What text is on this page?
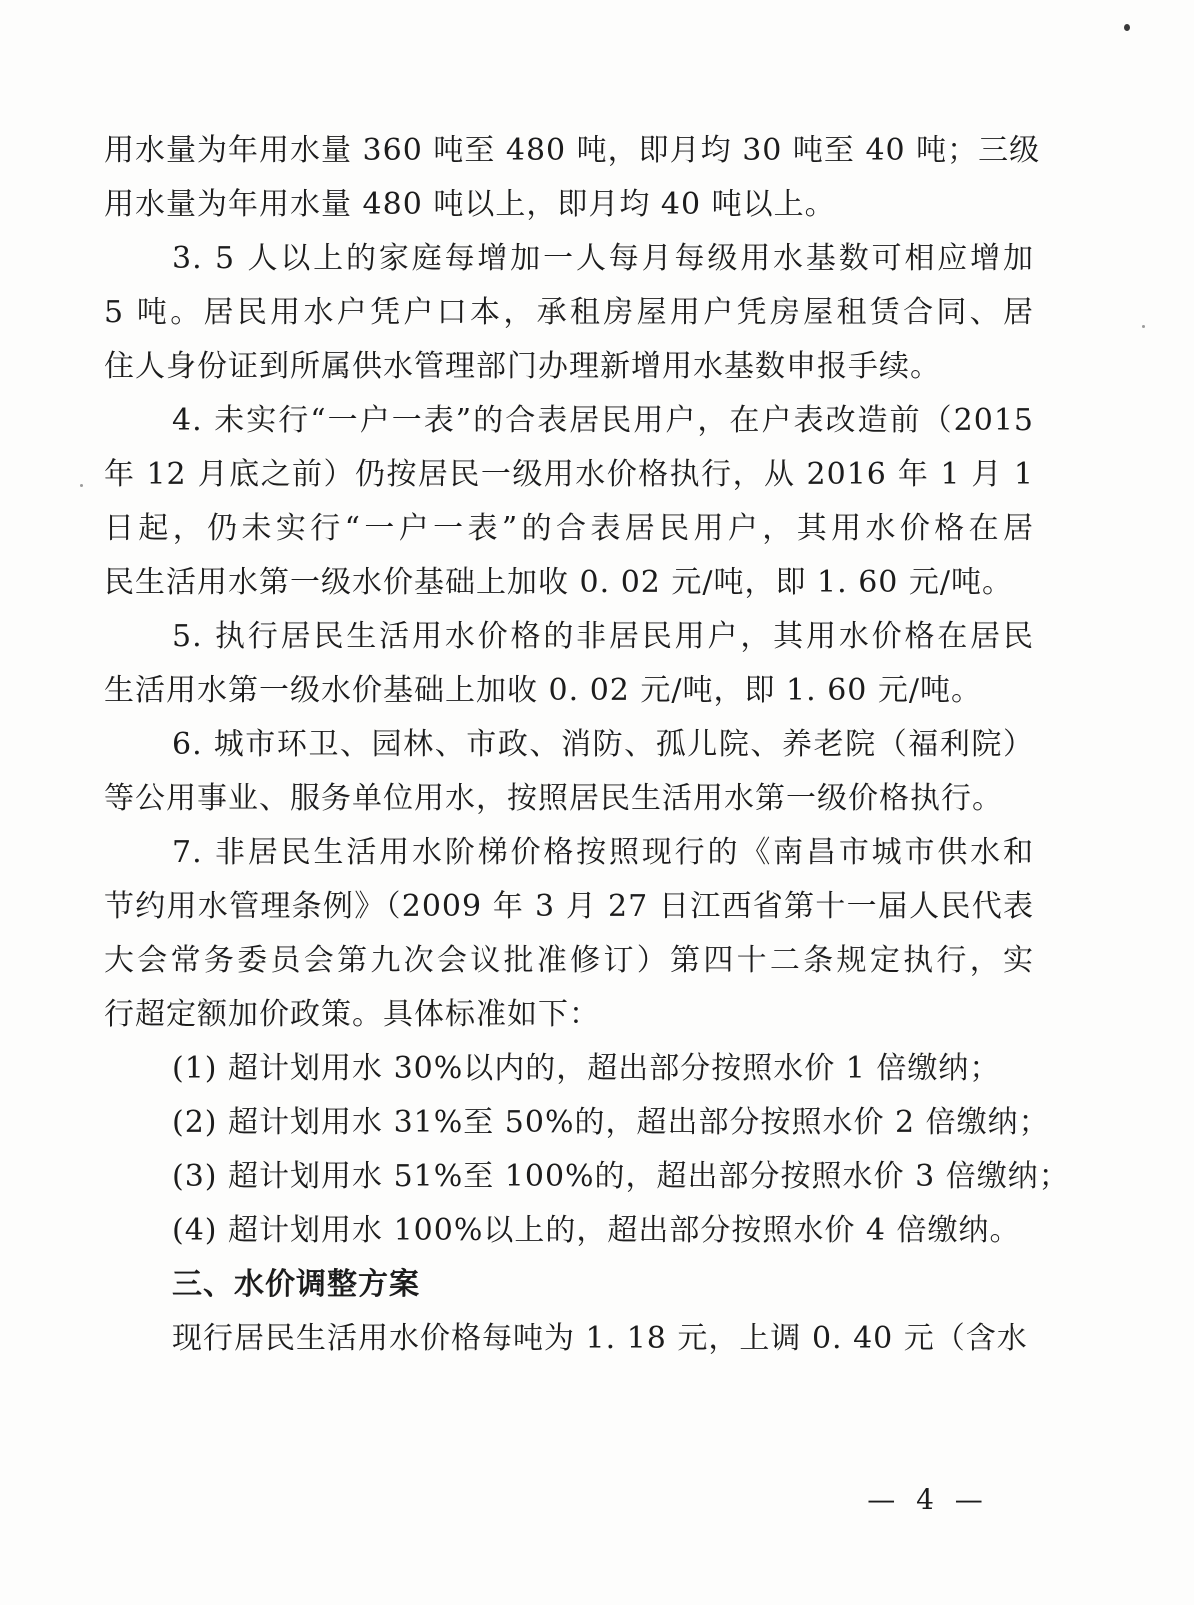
用水量为年用水量 360 吨至 480 吨，即月均 30 吨至 40 吨；三级
用水量为年用水量 480 吨以上，即月均 40 吨以上。
3. 5 人以上的家庭每增加一人每月每级用水基数可相应增加
5 吨。居民用水户凭户口本，承租房屋用户凭房屋租赁合同、居
住人身份证到所属供水管理部门办理新增用水基数申报手续。
4. 未实行“一户一表”的合表居民用户，在户表改造前（2015
年 12 月底之前）仍按居民一级用水价格执行，从 2016 年 1 月 1
日起，仍未实行“一户一表”的合表居民用户，其用水价格在居
民生活用水第一级水价基础上加收 0. 02 元/吨，即 1. 60 元/吨。
5. 执行居民生活用水价格的非居民用户，其用水价格在居民
生活用水第一级水价基础上加收 0. 02 元/吨，即 1. 60 元/吨。
6. 城市环卫、园林、市政、消防、孤儿院、养老院（福利院）
等公用事业、服务单位用水，按照居民生活用水第一级价格执行。
7. 非居民生活用水阶梯价格按照现行的《南昌市城市供水和
节约用水管理条例》（2009 年 3 月 27 日江西省第十一届人民代表
大会常务委员会第九次会议批准修订）第四十二条规定执行，实
行超定额加价政策。具体标准如下：
(1) 超计划用水 30%以内的，超出部分按照水价 1 倍缴纳；
(2) 超计划用水 31%至 50%的，超出部分按照水价 2 倍缴纳；
(3) 超计划用水 51%至 100%的，超出部分按照水价 3 倍缴纳；
(4) 超计划用水 100%以上的，超出部分按照水价 4 倍缴纳。
三、水价调整方案
现行居民生活用水价格每吨为 1. 18 元，上调 0. 40 元（含水
— 4 —
